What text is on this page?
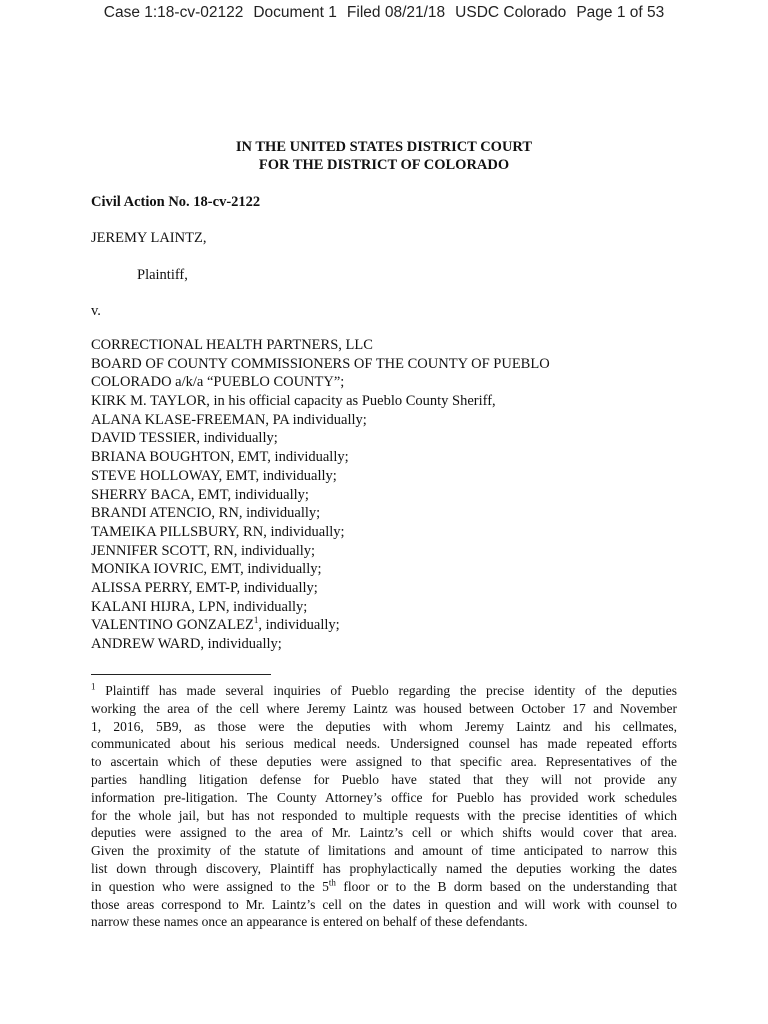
Case 1:18-cv-02122 Document 1 Filed 08/21/18 USDC Colorado Page 1 of 53
IN THE UNITED STATES DISTRICT COURT
FOR THE DISTRICT OF COLORADO
Civil Action No. 18-cv-2122
JEREMY LAINTZ,
Plaintiff,
v.
CORRECTIONAL HEALTH PARTNERS, LLC
BOARD OF COUNTY COMMISSIONERS OF THE COUNTY OF PUEBLO
COLORADO a/k/a “PUEBLO COUNTY”;
KIRK M. TAYLOR, in his official capacity as Pueblo County Sheriff,
ALANA KLASE-FREEMAN, PA individually;
DAVID TESSIER, individually;
BRIANA BOUGHTON, EMT, individually;
STEVE HOLLOWAY, EMT, individually;
SHERRY BACA, EMT, individually;
BRANDI ATENCIO, RN, individually;
TAMEIKA PILLSBURY, RN, individually;
JENNIFER SCOTT, RN, individually;
MONIKA IOVRIC, EMT, individually;
ALISSA PERRY, EMT-P, individually;
KALANI HIJRA, LPN, individually;
VALENTINO GONZALEZ$^1$, individually;
ANDREW WARD, individually;
$^1$ Plaintiff has made several inquiries of Pueblo regarding the precise identity of the deputies
working the area of the cell where Jeremy Laintz was housed between October 17 and November
1, 2016, 5B9, as those were the deputies with whom Jeremy Laintz and his cellmates,
communicated about his serious medical needs. Undersigned counsel has made repeated efforts
to ascertain which of these deputies were assigned to that specific area. Representatives of the
parties handling litigation defense for Pueblo have stated that they will not provide any
information pre-litigation. The County Attorney’s office for Pueblo has provided work schedules
for the whole jail, but has not responded to multiple requests with the precise identities of which
deputies were assigned to the area of Mr. Laintz’s cell or which shifts would cover that area.
Given the proximity of the statute of limitations and amount of time anticipated to narrow this
list down through discovery, Plaintiff has prophylactically named the deputies working the dates
in question who were assigned to the 5th floor or to the B dorm based on the understanding that
those areas correspond to Mr. Laintz’s cell on the dates in question and will work with counsel to
narrow these names once an appearance is entered on behalf of these defendants.
